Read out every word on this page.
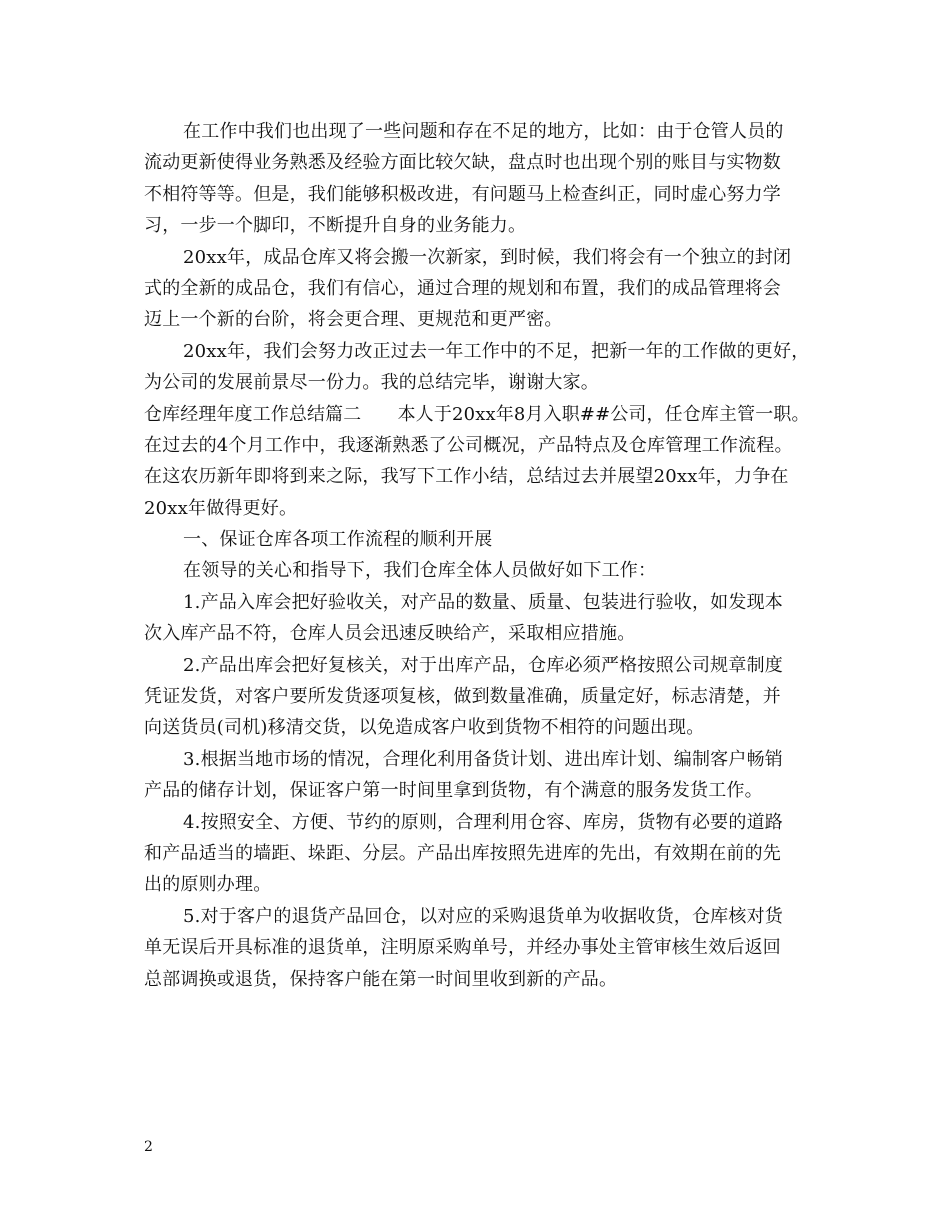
在工作中我们也出现了一些问题和存在不足的地方，比如：由于仓管人员的
流动更新使得业务熟悉及经验方面比较欠缺，盘点时也出现个别的账目与实物数
不相符等等。但是，我们能够积极改进，有问题马上检查纠正，同时虚心努力学
习，一步一个脚印，不断提升自身的业务能力。
20xx年，成品仓库又将会搬一次新家，到时候，我们将会有一个独立的封闭
式的全新的成品仓，我们有信心，通过合理的规划和布置，我们的成品管理将会
迈上一个新的台阶，将会更合理、更规范和更严密。
20xx年，我们会努力改正过去一年工作中的不足，把新一年的工作做的更好，
为公司的发展前景尽一份力。我的总结完毕，谢谢大家。
仓库经理年度工作总结篇二　　本人于20xx年8月入职##公司，任仓库主管一职。
在过去的4个月工作中，我逐渐熟悉了公司概况，产品特点及仓库管理工作流程。
在这农历新年即将到来之际，我写下工作小结，总结过去并展望20xx年，力争在
20xx年做得更好。
一、保证仓库各项工作流程的顺利开展
在领导的关心和指导下，我们仓库全体人员做好如下工作：
1.产品入库会把好验收关，对产品的数量、质量、包装进行验收，如发现本
次入库产品不符，仓库人员会迅速反映给产，采取相应措施。
2.产品出库会把好复核关，对于出库产品，仓库必须严格按照公司规章制度
凭证发货，对客户要所发货逐项复核，做到数量准确，质量定好，标志清楚，并
向送货员(司机)移清交货，以免造成客户收到货物不相符的问题出现。
3.根据当地市场的情况，合理化利用备货计划、进出库计划、编制客户畅销
产品的储存计划，保证客户第一时间里拿到货物，有个满意的服务发货工作。
4.按照安全、方便、节约的原则，合理利用仓容、库房，货物有必要的道路
和产品适当的墙距、垛距、分层。产品出库按照先进库的先出，有效期在前的先
出的原则办理。
5.对于客户的退货产品回仓，以对应的采购退货单为收据收货，仓库核对货
单无误后开具标准的退货单，注明原采购单号，并经办事处主管审核生效后返回
总部调换或退货，保持客户能在第一时间里收到新的产品。
2
